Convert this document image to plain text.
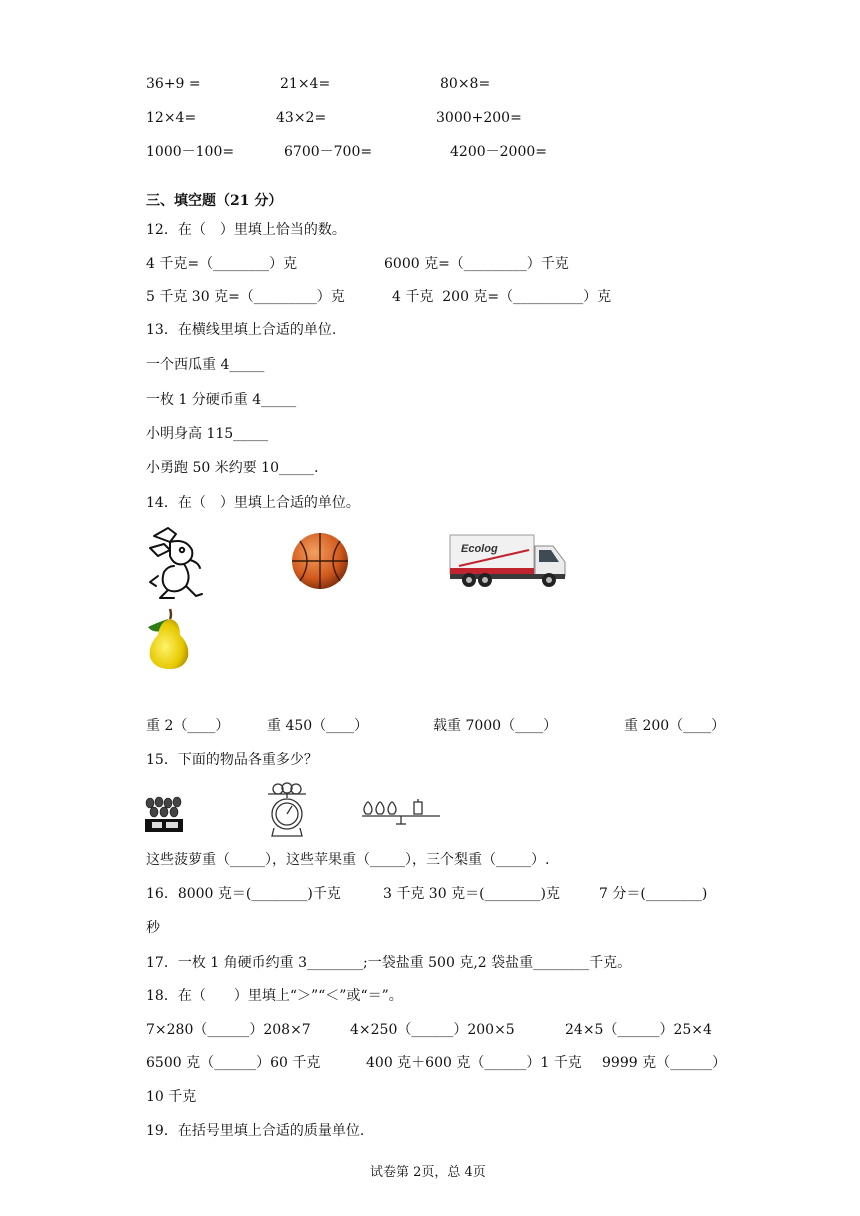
36+9 =	21×4=	80×8=
12×4=	43×2=	3000+200=
1000－100=	6700－700=	4200－2000=
三、填空题（21 分）
12．在（　）里填上恰当的数。
4 千克=（________）克	6000 克=（_________）千克
5 千克 30 克=（_________）克	4 千克  200 克=（__________）克
13．在横线里填上合适的单位.
一个西瓜重 4_____
一枚 1 分硬币重 4_____
小明身高 115_____
小勇跑 50 米约要 10_____.
14．在（　）里填上合适的单位。
Ecolog
重 2（____）	重 450（____）	载重 7000（____）	重 200（____）
15．下面的物品各重多少？
这些菠萝重（_____），这些苹果重（_____），三个梨重（_____）.
16．8000 克＝(________)千克	3 千克 30 克＝(________)克	7 分＝(________)
秒
17．一枚 1 角硬币约重 3________;一袋盐重 500 克,2 袋盐重________千克。
18．在（　　）里填上“＞”“＜”或“＝”。
7×280（______）208×7	4×250（______）200×5	24×5（______）25×4
6500 克（______）60 千克	400 克＋600 克（______）1 千克 9999 克（______）
10 千克
19．在括号里填上合适的质量单位.
试卷第 2页，总 4页
